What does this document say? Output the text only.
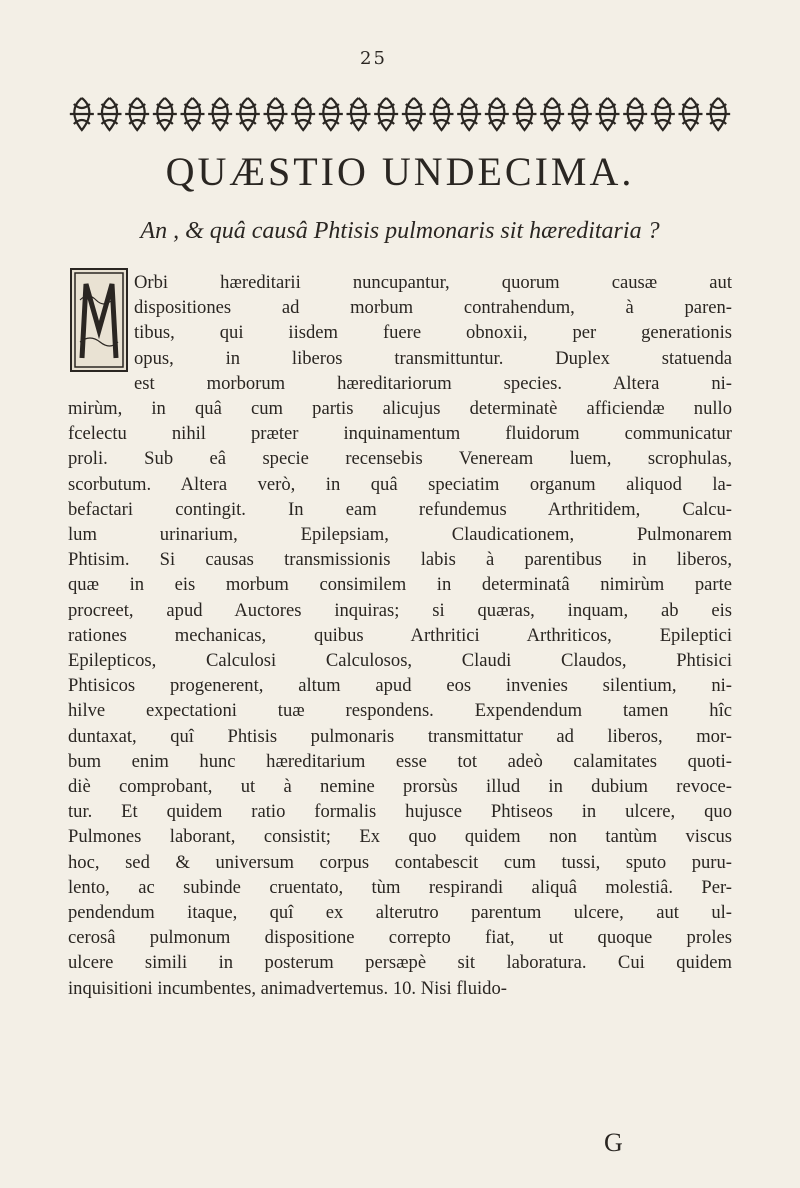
25
QUÆSTIO UNDECIMA.
An , & quâ causâ Phtisis pulmonaris sit hæreditaria ?
Orbi hæreditarii nuncupantur, quorum causæ aut
dispositiones ad morbum contrahendum, à paren-
tibus, qui iisdem fuere obnoxii, per generationis
opus, in liberos transmittuntur. Duplex statuenda
est morborum hæreditariorum species. Altera ni-
mirùm, in quâ cum partis alicujus determinatè afficiendæ nullo
fcelectu nihil præter inquinamentum fluidorum communicatur
proli. Sub eâ specie recensebis Veneream luem, scrophulas,
scorbutum. Altera verò, in quâ speciatim organum aliquod la-
befactari contingit. In eam refundemus Arthritidem, Calcu-
lum urinarium, Epilepsiam, Claudicationem, Pulmonarem
Phtisim. Si causas transmissionis labis à parentibus in liberos,
quæ in eis morbum consimilem in determinatâ nimirùm parte
procreet, apud Auctores inquiras; si quæras, inquam, ab eis
rationes mechanicas, quibus Arthritici Arthriticos, Epileptici
Epilepticos, Calculosi Calculosos, Claudi Claudos, Phtisici
Phtisicos progenerent, altum apud eos invenies silentium, ni-
hilve expectationi tuæ respondens. Expendendum tamen hîc
duntaxat, quî Phtisis pulmonaris transmittatur ad liberos, mor-
bum enim hunc hæreditarium esse tot adeò calamitates quoti-
diè comprobant, ut à nemine prorsùs illud in dubium revoce-
tur. Et quidem ratio formalis hujusce Phtiseos in ulcere, quo
Pulmones laborant, consistit; Ex quo quidem non tantùm viscus
hoc, sed & universum corpus contabescit cum tussi, sputo puru-
lento, ac subinde cruentato, tùm respirandi aliquâ molestiâ. Per-
pendendum itaque, quî ex alterutro parentum ulcere, aut ul-
cerosâ pulmonum dispositione correpto fiat, ut quoque proles
ulcere simili in posterum persæpè sit laboratura. Cui quidem
inquisitioni incumbentes, animadvertemus. 10. Nisi fluido-
G
